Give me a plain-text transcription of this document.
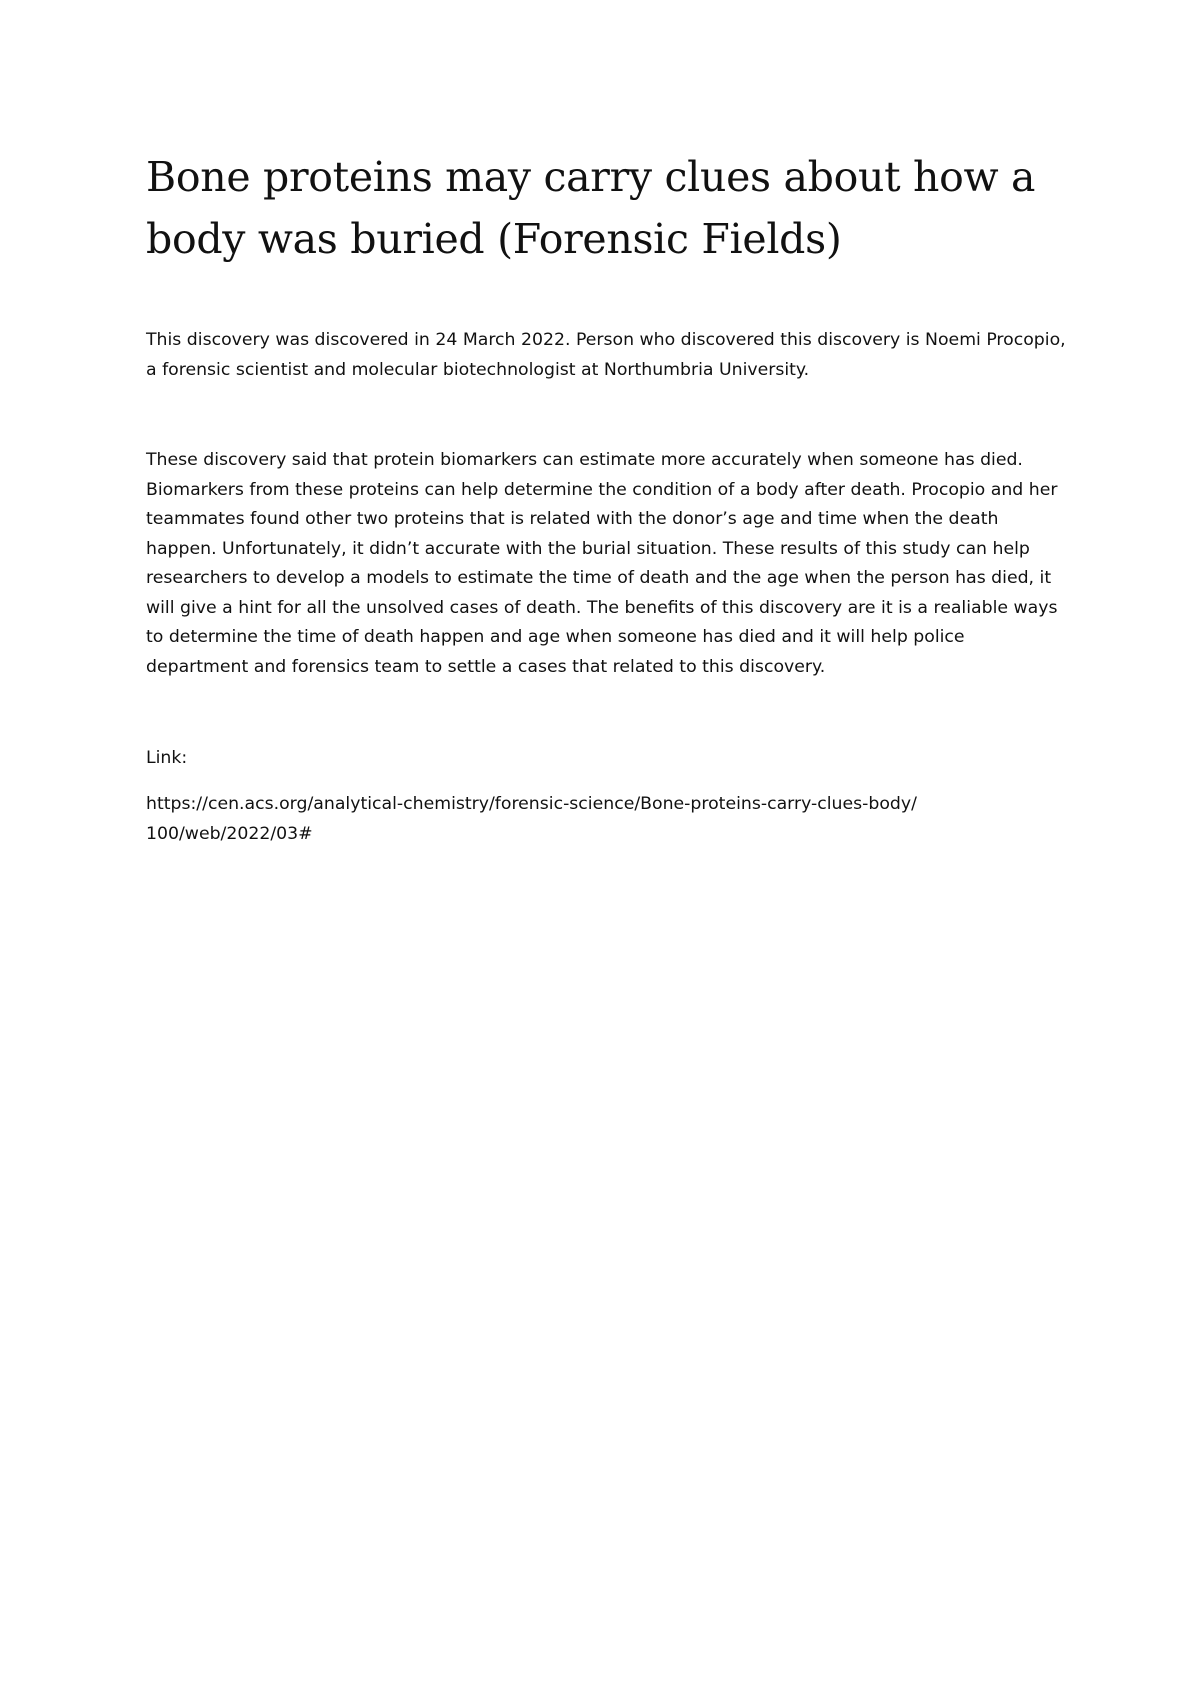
Bone proteins may carry clues about how a body was buried (Forensic Fields)

This discovery was discovered in 24 March 2022. Person who discovered this discovery is Noemi Procopio, a forensic scientist and molecular biotechnologist at Northumbria University.

These discovery said that protein biomarkers can estimate more accurately when someone has died. Biomarkers from these proteins can help determine the condition of a body after death. Procopio and her teammates found other two proteins that is related with the donor’s age and time when the death happen. Unfortunately, it didn’t accurate with the burial situation. These results of this study can help researchers to develop a models to estimate the time of death and the age when the person has died, it will give a hint for all the unsolved cases of death. The benefits of this discovery are it is a realiable ways to determine the time of death happen and age when someone has died and it will help police department and forensics team to settle a cases that related to this discovery.

Link:

https://cen.acs.org/analytical-chemistry/forensic-science/Bone-proteins-carry-clues-body/100/web/2022/03#
